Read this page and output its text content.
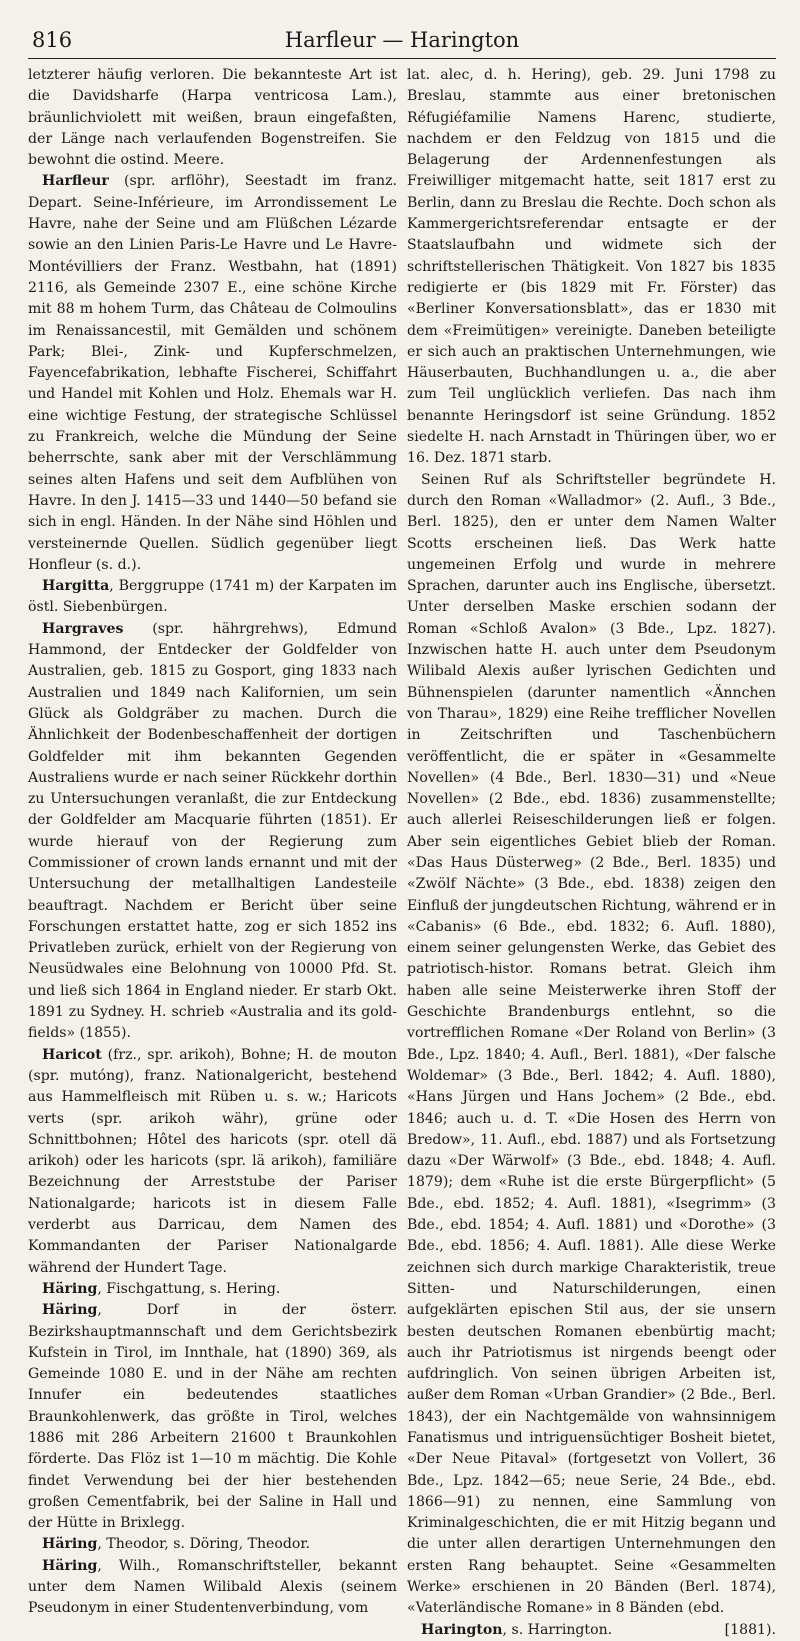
816	Harfleur — Harington

letzterer häufig verloren. Die bekannteste Art ist die Davidsharfe (Harpa ventricosa Lam.), bräunlichviolett mit weißen, braun eingefaßten, der Länge nach verlaufenden Bogenstreifen. Sie bewohnt die ostind. Meere.

Harfleur (spr. arflöhr), Seestadt im franz. Depart. Seine-Inférieure, im Arrondissement Le Havre, nahe der Seine und am Flüßchen Lézarde sowie an den Linien Paris-Le Havre und Le Havre-Montévilliers der Franz. Westbahn, hat (1891) 2116, als Gemeinde 2307 E., eine schöne Kirche mit 88 m hohem Turm, das Château de Colmoulins im Renaissancestil, mit Gemälden und schönem Park; Blei-, Zink- und Kupferschmelzen, Fayencefabrikation, lebhafte Fischerei, Schiffahrt und Handel mit Kohlen und Holz. Ehemals war H. eine wichtige Festung, der strategische Schlüssel zu Frankreich, welche die Mündung der Seine beherrschte, sank aber mit der Verschlämmung seines alten Hafens und seit dem Aufblühen von Havre. In den J. 1415—33 und 1440—50 befand sie sich in engl. Händen. In der Nähe sind Höhlen und versteinernde Quellen. Südlich gegenüber liegt Honfleur (s. d.).

Hargitta, Berggruppe (1741 m) der Karpaten im östl. Siebenbürgen.

Hargraves (spr. hährgrehws), Edmund Hammond, der Entdecker der Goldfelder von Australien, geb. 1815 zu Gosport, ging 1833 nach Australien und 1849 nach Kalifornien, um sein Glück als Goldgräber zu machen. Durch die Ähnlichkeit der Bodenbeschaffenheit der dortigen Goldfelder mit ihm bekannten Gegenden Australiens wurde er nach seiner Rückkehr dorthin zu Untersuchungen veranlaßt, die zur Entdeckung der Goldfelder am Macquarie führten (1851). Er wurde hierauf von der Regierung zum Commissioner of crown lands ernannt und mit der Untersuchung der metallhaltigen Landesteile beauftragt. Nachdem er Bericht über seine Forschungen erstattet hatte, zog er sich 1852 ins Privatleben zurück, erhielt von der Regierung von Neusüdwales eine Belohnung von 10000 Pfd. St. und ließ sich 1864 in England nieder. Er starb Okt. 1891 zu Sydney. H. schrieb «Australia and its gold-fields» (1855).

Haricot (frz., spr. arikoh), Bohne; H. de mouton (spr. mutóng), franz. Nationalgericht, bestehend aus Hammelfleisch mit Rüben u. s. w.; Haricots verts (spr. arikoh währ), grüne oder Schnittbohnen; Hôtel des haricots (spr. otell dä arikoh) oder les haricots (spr. lä arikoh), familiäre Bezeichnung der Arreststube der Pariser Nationalgarde; haricots ist in diesem Falle verderbt aus Darricau, dem Namen des Kommandanten der Pariser Nationalgarde während der Hundert Tage.

Häring, Fischgattung, s. Hering.

Häring, Dorf in der österr. Bezirkshauptmannschaft und dem Gerichtsbezirk Kufstein in Tirol, im Innthale, hat (1890) 369, als Gemeinde 1080 E. und in der Nähe am rechten Innufer ein bedeutendes staatliches Braunkohlenwerk, das größte in Tirol, welches 1886 mit 286 Arbeitern 21600 t Braunkohlen förderte. Das Flöz ist 1—10 m mächtig. Die Kohle findet Verwendung bei der hier bestehenden großen Cementfabrik, bei der Saline in Hall und der Hütte in Brixlegg.

Häring, Theodor, s. Döring, Theodor.

Häring, Wilh., Romanschriftsteller, bekannt unter dem Namen Wilibald Alexis (seinem Pseudonym in einer Studentenverbindung, vom

lat. alec, d. h. Hering), geb. 29. Juni 1798 zu Breslau, stammte aus einer bretonischen Réfugiéfamilie Namens Harenc, studierte, nachdem er den Feldzug von 1815 und die Belagerung der Ardennenfestungen als Freiwilliger mitgemacht hatte, seit 1817 erst zu Berlin, dann zu Breslau die Rechte. Doch schon als Kammergerichtsreferendar entsagte er der Staatslaufbahn und widmete sich der schriftstellerischen Thätigkeit. Von 1827 bis 1835 redigierte er (bis 1829 mit Fr. Förster) das «Berliner Konversationsblatt», das er 1830 mit dem «Freimütigen» vereinigte. Daneben beteiligte er sich auch an praktischen Unternehmungen, wie Häuserbauten, Buchhandlungen u. a., die aber zum Teil unglücklich verliefen. Das nach ihm benannte Heringsdorf ist seine Gründung. 1852 siedelte H. nach Arnstadt in Thüringen über, wo er 16. Dez. 1871 starb.

Seinen Ruf als Schriftsteller begründete H. durch den Roman «Walladmor» (2. Aufl., 3 Bde., Berl. 1825), den er unter dem Namen Walter Scotts erscheinen ließ. Das Werk hatte ungemeinen Erfolg und wurde in mehrere Sprachen, darunter auch ins Englische, übersetzt. Unter derselben Maske erschien sodann der Roman «Schloß Avalon» (3 Bde., Lpz. 1827). Inzwischen hatte H. auch unter dem Pseudonym Wilibald Alexis außer lyrischen Gedichten und Bühnenspielen (darunter namentlich «Ännchen von Tharau», 1829) eine Reihe trefflicher Novellen in Zeitschriften und Taschenbüchern veröffentlicht, die er später in «Gesammelte Novellen» (4 Bde., Berl. 1830—31) und «Neue Novellen» (2 Bde., ebd. 1836) zusammenstellte; auch allerlei Reiseschilderungen ließ er folgen. Aber sein eigentliches Gebiet blieb der Roman. «Das Haus Düsterweg» (2 Bde., Berl. 1835) und «Zwölf Nächte» (3 Bde., ebd. 1838) zeigen den Einfluß der jungdeutschen Richtung, während er in «Cabanis» (6 Bde., ebd. 1832; 6. Aufl. 1880), einem seiner gelungensten Werke, das Gebiet des patriotisch-histor. Romans betrat. Gleich ihm haben alle seine Meisterwerke ihren Stoff der Geschichte Brandenburgs entlehnt, so die vortrefflichen Romane «Der Roland von Berlin» (3 Bde., Lpz. 1840; 4. Aufl., Berl. 1881), «Der falsche Woldemar» (3 Bde., Berl. 1842; 4. Aufl. 1880), «Hans Jürgen und Hans Jochem» (2 Bde., ebd. 1846; auch u. d. T. «Die Hosen des Herrn von Bredow», 11. Aufl., ebd. 1887) und als Fortsetzung dazu «Der Wärwolf» (3 Bde., ebd. 1848; 4. Aufl. 1879); dem «Ruhe ist die erste Bürgerpflicht» (5 Bde., ebd. 1852; 4. Aufl. 1881), «Isegrimm» (3 Bde., ebd. 1854; 4. Aufl. 1881) und «Dorothe» (3 Bde., ebd. 1856; 4. Aufl. 1881). Alle diese Werke zeichnen sich durch markige Charakteristik, treue Sitten- und Naturschilderungen, einen aufgeklärten epischen Stil aus, der sie unsern besten deutschen Romanen ebenbürtig macht; auch ihr Patriotismus ist nirgends beengt oder aufdringlich. Von seinen übrigen Arbeiten ist, außer dem Roman «Urban Grandier» (2 Bde., Berl. 1843), der ein Nachtgemälde von wahnsinnigem Fanatismus und intriguensüchtiger Bosheit bietet, «Der Neue Pitaval» (fortgesetzt von Vollert, 36 Bde., Lpz. 1842—65; neue Serie, 24 Bde., ebd. 1866—91) zu nennen, eine Sammlung von Kriminalgeschichten, die er mit Hitzig begann und die unter allen derartigen Unternehmungen den ersten Rang behauptet. Seine «Gesammelten Werke» erschienen in 20 Bänden (Berl. 1874), «Vaterländische Romane» in 8 Bänden (ebd.

Harington, s. Harrington.	[1881).
